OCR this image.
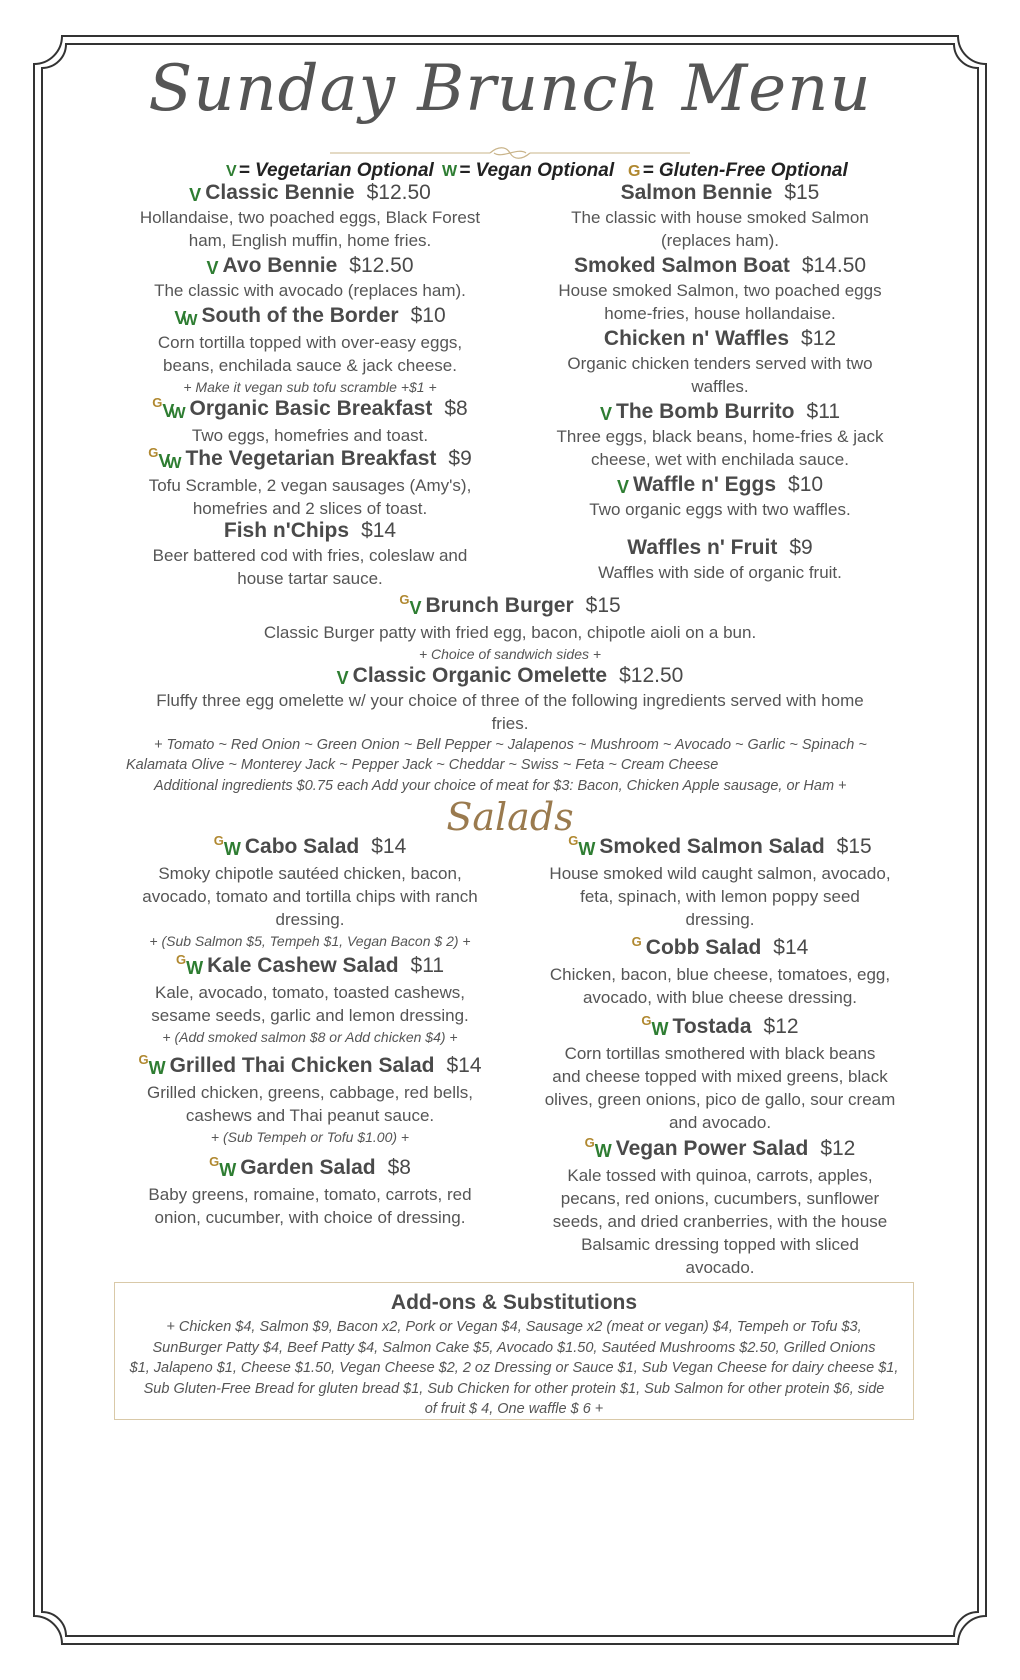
Sunday Brunch Menu
V = Vegetarian Optional W = Vegan Optional G = Gluten-Free Optional
V Classic Bennie $12.50
Hollandaise, two poached eggs, Black Forest
ham, English muffin, home fries.
V Avo Bennie $12.50
The classic with avocado (replaces ham).
VW South of the Border $10
Corn tortilla topped with over-easy eggs,
beans, enchilada sauce & jack cheese.
+ Make it vegan sub tofu scramble +$1 +
$^G$VW Organic Basic Breakfast $8
Two eggs, homefries and toast.
$^G$VW The Vegetarian Breakfast $9
Tofu Scramble, 2 vegan sausages (Amy's),
homefries and 2 slices of toast.
Fish n'Chips $14
Beer battered cod with fries, coleslaw and
house tartar sauce.
Salmon Bennie $15
The classic with house smoked Salmon
(replaces ham).
Smoked Salmon Boat $14.50
House smoked Salmon, two poached eggs
home-fries, house hollandaise.
Chicken n' Waffles $12
Organic chicken tenders served with two
waffles.
V The Bomb Burrito $11
Three eggs, black beans, home-fries & jack
cheese, wet with enchilada sauce.
V Waffle n' Eggs $10
Two organic eggs with two waffles.
Waffles n' Fruit $9
Waffles with side of organic fruit.
$^G$V Brunch Burger $15
Classic Burger patty with fried egg, bacon, chipotle aioli on a bun.
+ Choice of sandwich sides +
V Classic Organic Omelette $12.50
Fluffy three egg omelette w/ your choice of three of the following ingredients served with home
fries.
+ Tomato ~ Red Onion ~ Green Onion ~ Bell Pepper ~ Jalapenos ~ Mushroom ~ Avocado ~ Garlic ~ Spinach ~
Kalamata Olive ~ Monterey Jack ~ Pepper Jack ~ Cheddar ~ Swiss ~ Feta ~ Cream Cheese
Additional ingredients $0.75 each Add your choice of meat for $3: Bacon, Chicken Apple sausage, or Ham +
Salads
$^G$W Cabo Salad $14
Smoky chipotle sautéed chicken, bacon,
avocado, tomato and tortilla chips with ranch
dressing.
+ (Sub Salmon $5, Tempeh $1, Vegan Bacon $ 2) +
$^G$W Kale Cashew Salad $11
Kale, avocado, tomato, toasted cashews,
sesame seeds, garlic and lemon dressing.
+ (Add smoked salmon $8 or Add chicken $4) +
$^G$W Grilled Thai Chicken Salad $14
Grilled chicken, greens, cabbage, red bells,
cashews and Thai peanut sauce.
+ (Sub Tempeh or Tofu $1.00) +
$^G$W Garden Salad $8
Baby greens, romaine, tomato, carrots, red
onion, cucumber, with choice of dressing.
$^G$W Smoked Salmon Salad $15
House smoked wild caught salmon, avocado,
feta, spinach, with lemon poppy seed
dressing.
$^G$ Cobb Salad $14
Chicken, bacon, blue cheese, tomatoes, egg,
avocado, with blue cheese dressing.
$^G$W Tostada $12
Corn tortillas smothered with black beans
and cheese topped with mixed greens, black
olives, green onions, pico de gallo, sour cream
and avocado.
$^G$W Vegan Power Salad $12
Kale tossed with quinoa, carrots, apples,
pecans, red onions, cucumbers, sunflower
seeds, and dried cranberries, with the house
Balsamic dressing topped with sliced
avocado.
Add-ons & Substitutions
+ Chicken $4, Salmon $9, Bacon x2, Pork or Vegan $4, Sausage x2 (meat or vegan) $4, Tempeh or Tofu $3,
SunBurger Patty $4, Beef Patty $4, Salmon Cake $5, Avocado $1.50, Sautéed Mushrooms $2.50, Grilled Onions
$1, Jalapeno $1, Cheese $1.50, Vegan Cheese $2, 2 oz Dressing or Sauce $1, Sub Vegan Cheese for dairy cheese $1,
Sub Gluten-Free Bread for gluten bread $1, Sub Chicken for other protein $1, Sub Salmon for other protein $6, side
of fruit $ 4, One waffle $ 6 +
